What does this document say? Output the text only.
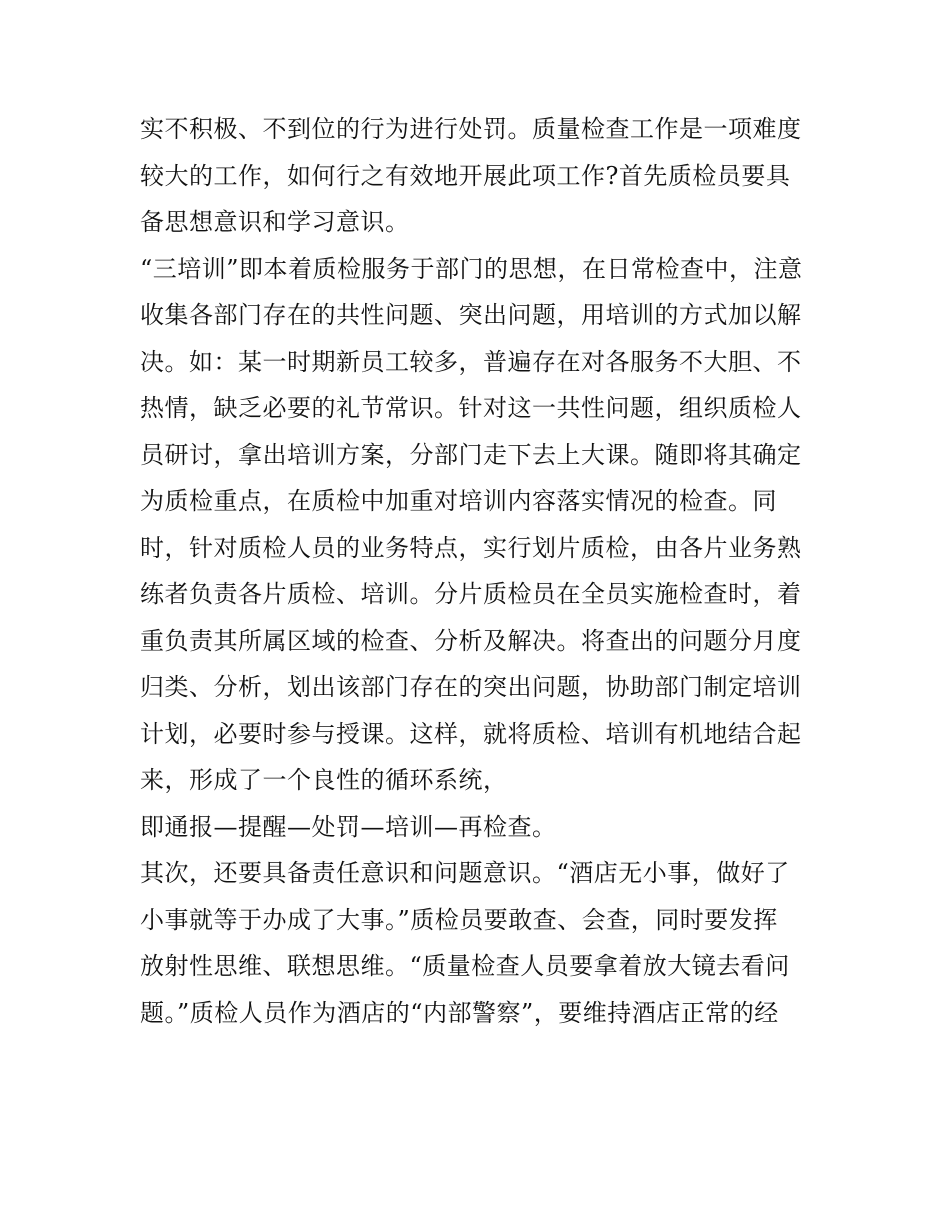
实不积极、不到位的行为进行处罚。质量检查工作是一项难度
较大的工作，如何行之有效地开展此项工作?首先质检员要具
备思想意识和学习意识。
“三培训”即本着质检服务于部门的思想，在日常检查中，注意
收集各部门存在的共性问题、突出问题，用培训的方式加以解
决。如：某一时期新员工较多，普遍存在对各服务不大胆、不
热情，缺乏必要的礼节常识。针对这一共性问题，组织质检人
员研讨，拿出培训方案，分部门走下去上大课。随即将其确定
为质检重点，在质检中加重对培训内容落实情况的检查。同
时，针对质检人员的业务特点，实行划片质检，由各片业务熟
练者负责各片质检、培训。分片质检员在全员实施检查时，着
重负责其所属区域的检查、分析及解决。将查出的问题分月度
归类、分析，划出该部门存在的突出问题，协助部门制定培训
计划，必要时参与授课。这样，就将质检、培训有机地结合起
来，形成了一个良性的循环系统，
即通报—提醒—处罚—培训—再检查。
其次，还要具备责任意识和问题意识。“酒店无小事，做好了
小事就等于办成了大事。”质检员要敢查、会查，同时要发挥
放射性思维、联想思维。“质量检查人员要拿着放大镜去看问
题。”质检人员作为酒店的“内部警察”，要维持酒店正常的经
